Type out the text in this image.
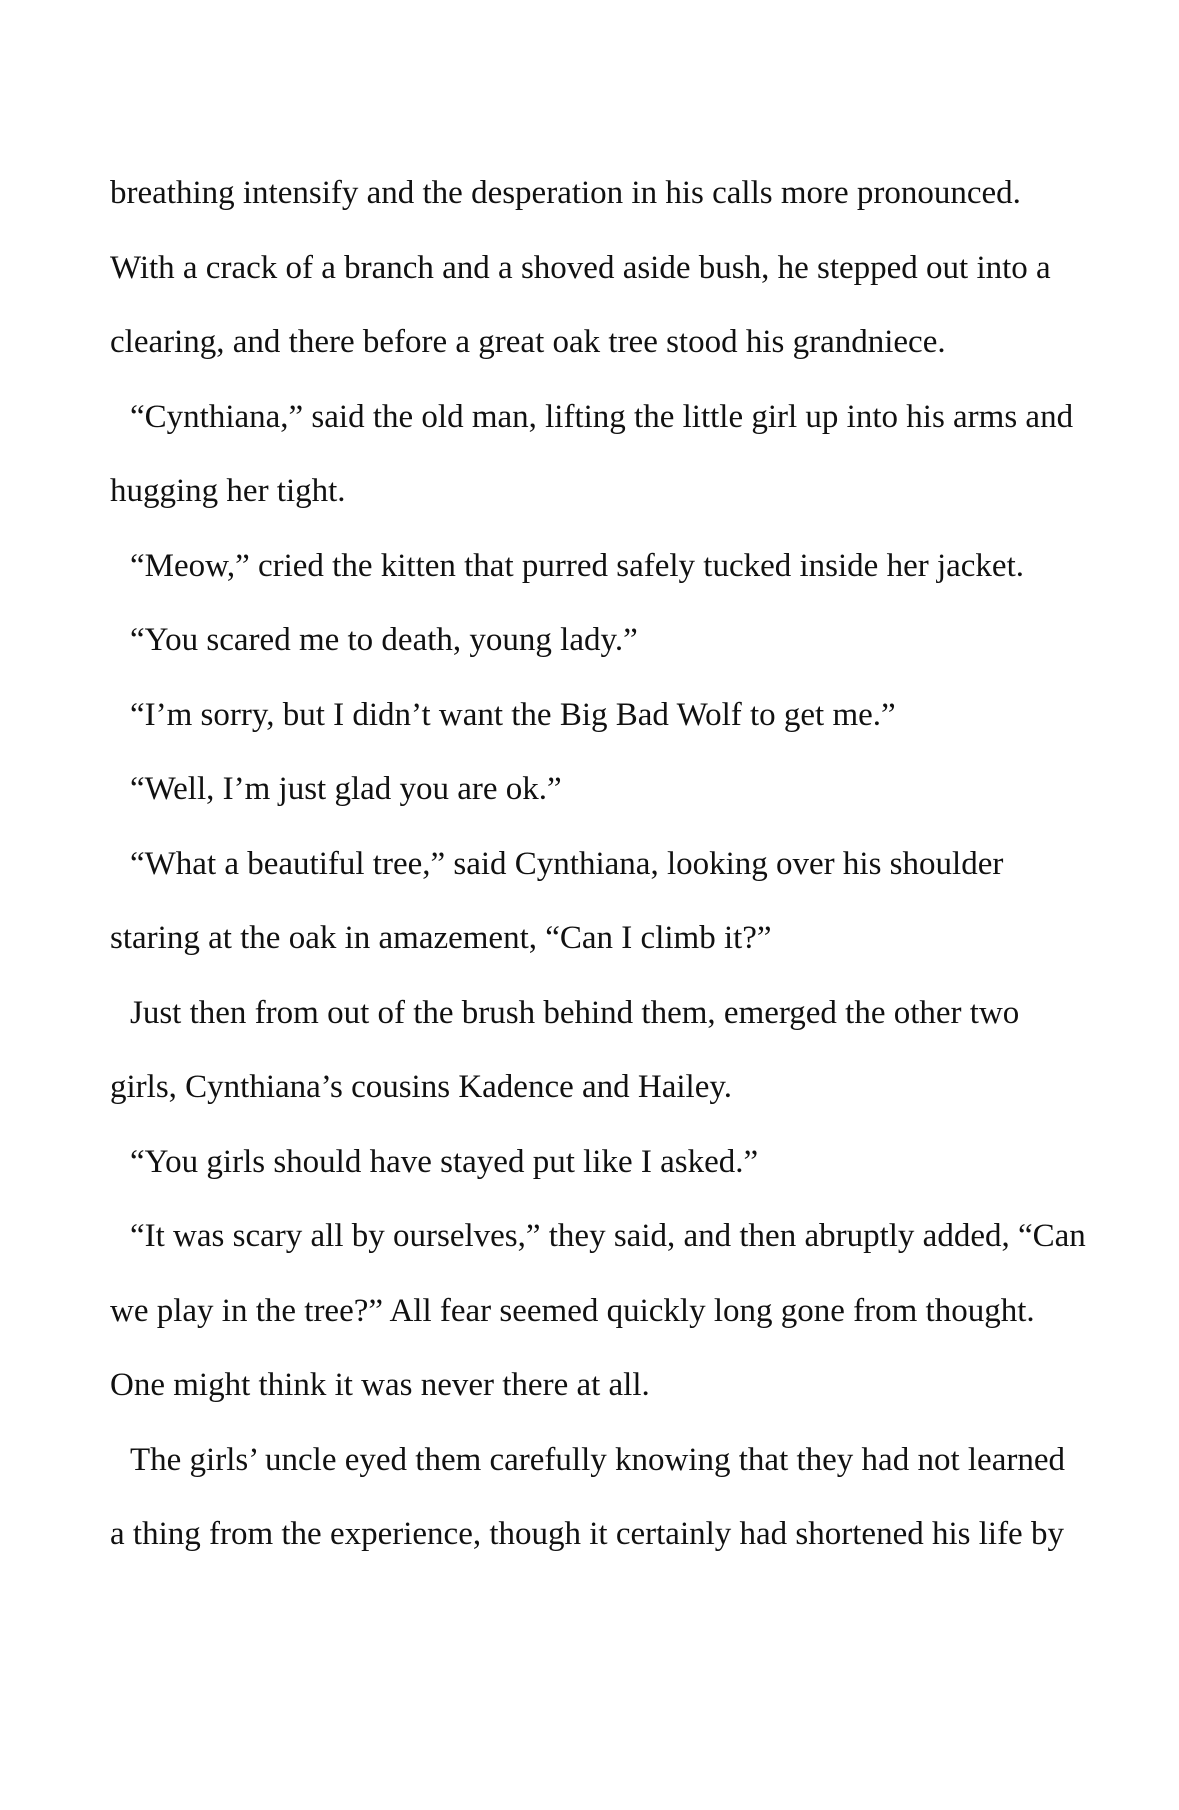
breathing intensify and the desperation in his calls more pronounced.
With a crack of a branch and a shoved aside bush, he stepped out into a
clearing, and there before a great oak tree stood his grandniece.
“Cynthiana,” said the old man, lifting the little girl up into his arms and
hugging her tight.
“Meow,” cried the kitten that purred safely tucked inside her jacket.
“You scared me to death, young lady.”
“I’m sorry, but I didn’t want the Big Bad Wolf to get me.”
“Well, I’m just glad you are ok.”
“What a beautiful tree,” said Cynthiana, looking over his shoulder
staring at the oak in amazement, “Can I climb it?”
Just then from out of the brush behind them, emerged the other two
girls, Cynthiana’s cousins Kadence and Hailey.
“You girls should have stayed put like I asked.”
“It was scary all by ourselves,” they said, and then abruptly added, “Can
we play in the tree?” All fear seemed quickly long gone from thought.
One might think it was never there at all.
The girls’ uncle eyed them carefully knowing that they had not learned
a thing from the experience, though it certainly had shortened his life by
